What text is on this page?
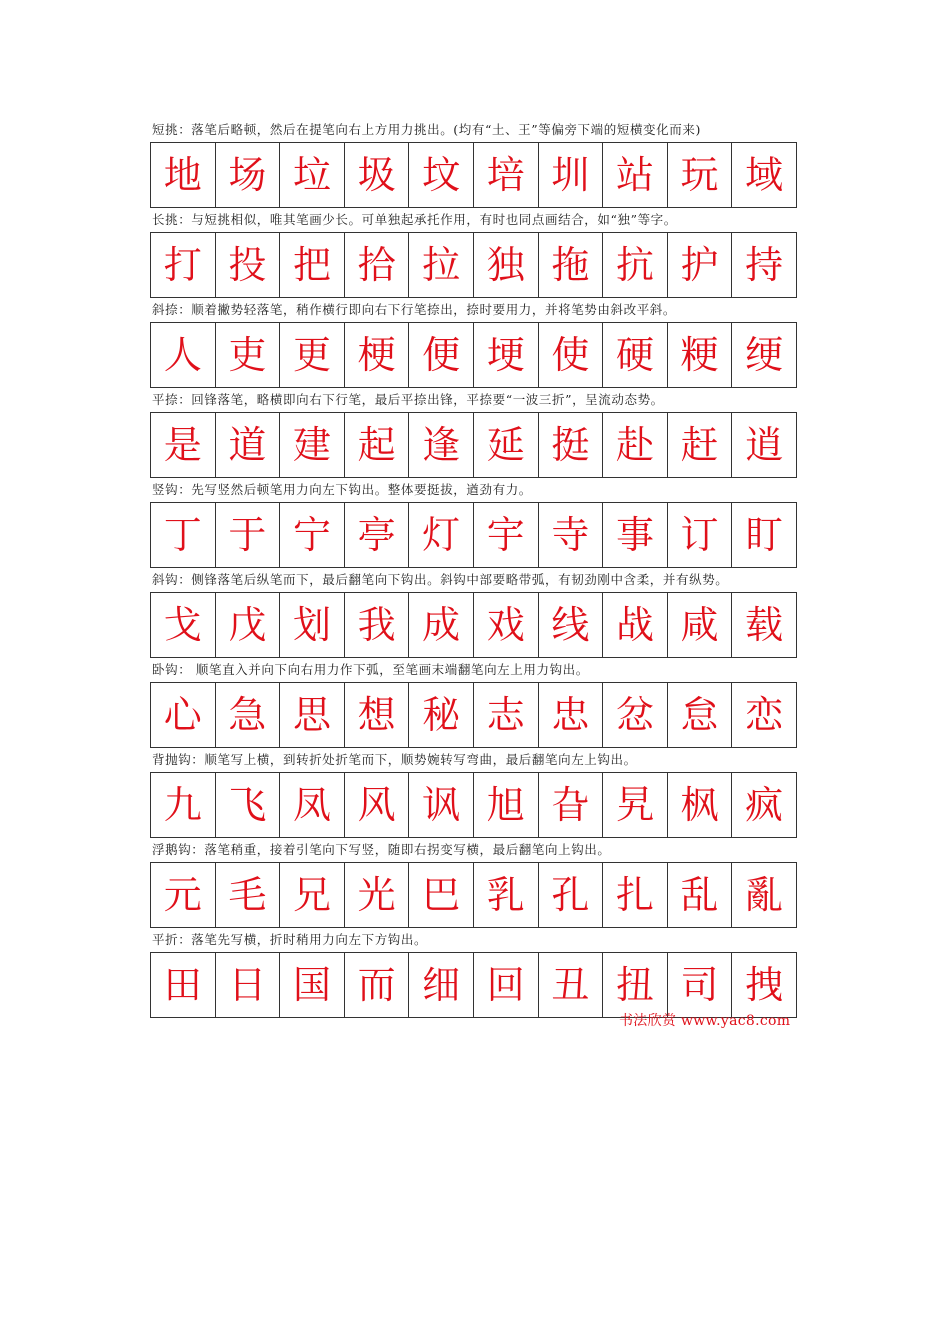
短挑：落笔后略顿，然后在提笔向右上方用力挑出。(均有“土、王”等偏旁下端的短横变化而来)
地 场 垃 圾 坟 培 圳 站 玩 域
长挑：与短挑相似，唯其笔画少长。可单独起承托作用，有时也同点画结合，如“独”等字。
打 投 把 拾 拉 独 拖 抗 护 持
斜捺：顺着撇势轻落笔，稍作横行即向右下行笔捺出，捺时要用力，并将笔势由斜改平斜。
人 吏 更 梗 便 埂 使 硬 粳 绠
平捺：回锋落笔，略横即向右下行笔，最后平捺出锋，平捺要“一波三折”，呈流动态势。
是 道 建 起 逢 延 挺 赴 赶 逍
竖钩：先写竖然后顿笔用力向左下钩出。整体要挺拔，遒劲有力。
丁 于 宁 亭 灯 宇 寺 事 订 盯
斜钩：侧锋落笔后纵笔而下，最后翻笔向下钩出。斜钩中部要略带弧，有韧劲刚中含柔，并有纵势。
戈 戊 划 我 成 戏 线 战 咸 载
卧钩： 顺笔直入并向下向右用力作下弧，至笔画末端翻笔向左上用力钩出。
心 急 思 想 秘 志 忠 忿 怠 恋
背抛钩：顺笔写上横，到转折处折笔而下，顺势婉转写弯曲，最后翻笔向左上钩出。
九 飞 凤 风 讽 旭 旮 旯 枫 疯
浮鹅钩：落笔稍重，接着引笔向下写竖，随即右拐变写横，最后翻笔向上钩出。
元 毛 兄 光 巴 乳 孔 扎 乱 亂
平折：落笔先写横，折时稍用力向左下方钩出。
田 日 国 而 细 回 丑 扭 司 拽
书法欣赏 www.yac8.com
